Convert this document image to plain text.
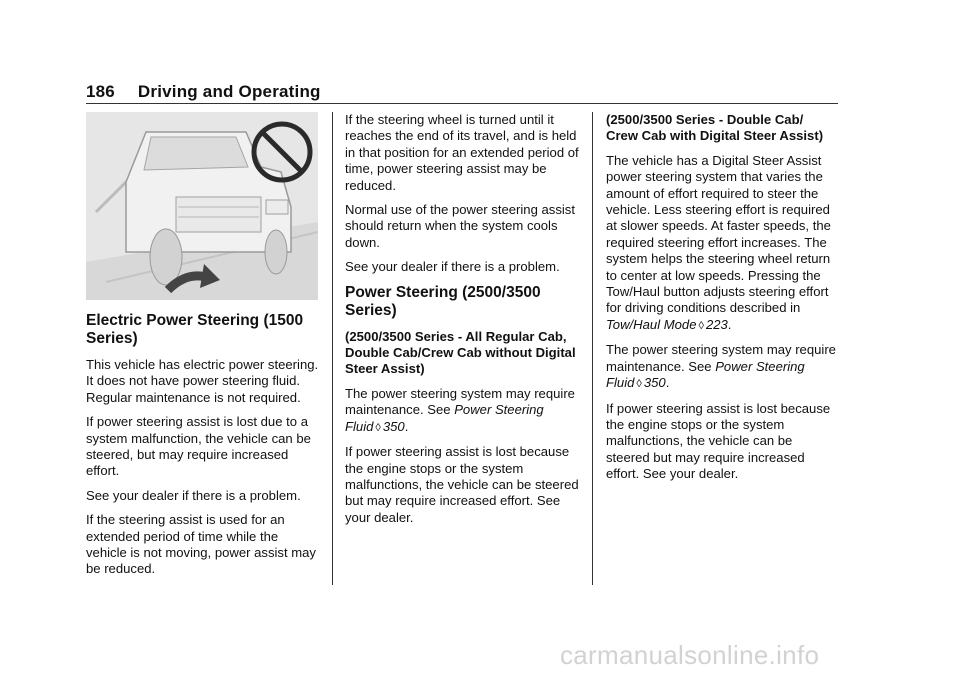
186 Driving and Operating
Electric Power Steering (1500 Series)

This vehicle has electric power steering. It does not have power steering fluid. Regular maintenance is not required.

If power steering assist is lost due to a system malfunction, the vehicle can be steered, but may require increased effort.

See your dealer if there is a problem.

If the steering assist is used for an extended period of time while the vehicle is not moving, power assist may be reduced.

If the steering wheel is turned until it reaches the end of its travel, and is held in that position for an extended period of time, power steering assist may be reduced.

Normal use of the power steering assist should return when the system cools down.

See your dealer if there is a problem.

Power Steering (2500/3500 Series)
(2500/3500 Series - All Regular Cab, Double Cab/Crew Cab without Digital Steer Assist)

The power steering system may require maintenance. See Power Steering Fluid ◊ 350.

If power steering assist is lost because the engine stops or the system malfunctions, the vehicle can be steered but may require increased effort. See your dealer.

(2500/3500 Series - Double Cab/ Crew Cab with Digital Steer Assist)

The vehicle has a Digital Steer Assist power steering system that varies the amount of effort required to steer the vehicle. Less steering effort is required at slower speeds. At faster speeds, the required steering effort increases. The system helps the steering wheel return to center at low speeds. Pressing the Tow/Haul button adjusts steering effort for driving conditions described in Tow/Haul Mode ◊ 223.

The power steering system may require maintenance. See Power Steering Fluid ◊ 350.

If power steering assist is lost because the engine stops or the system malfunctions, the vehicle can be steered but may require increased effort. See your dealer.

carmanualsonline.info
